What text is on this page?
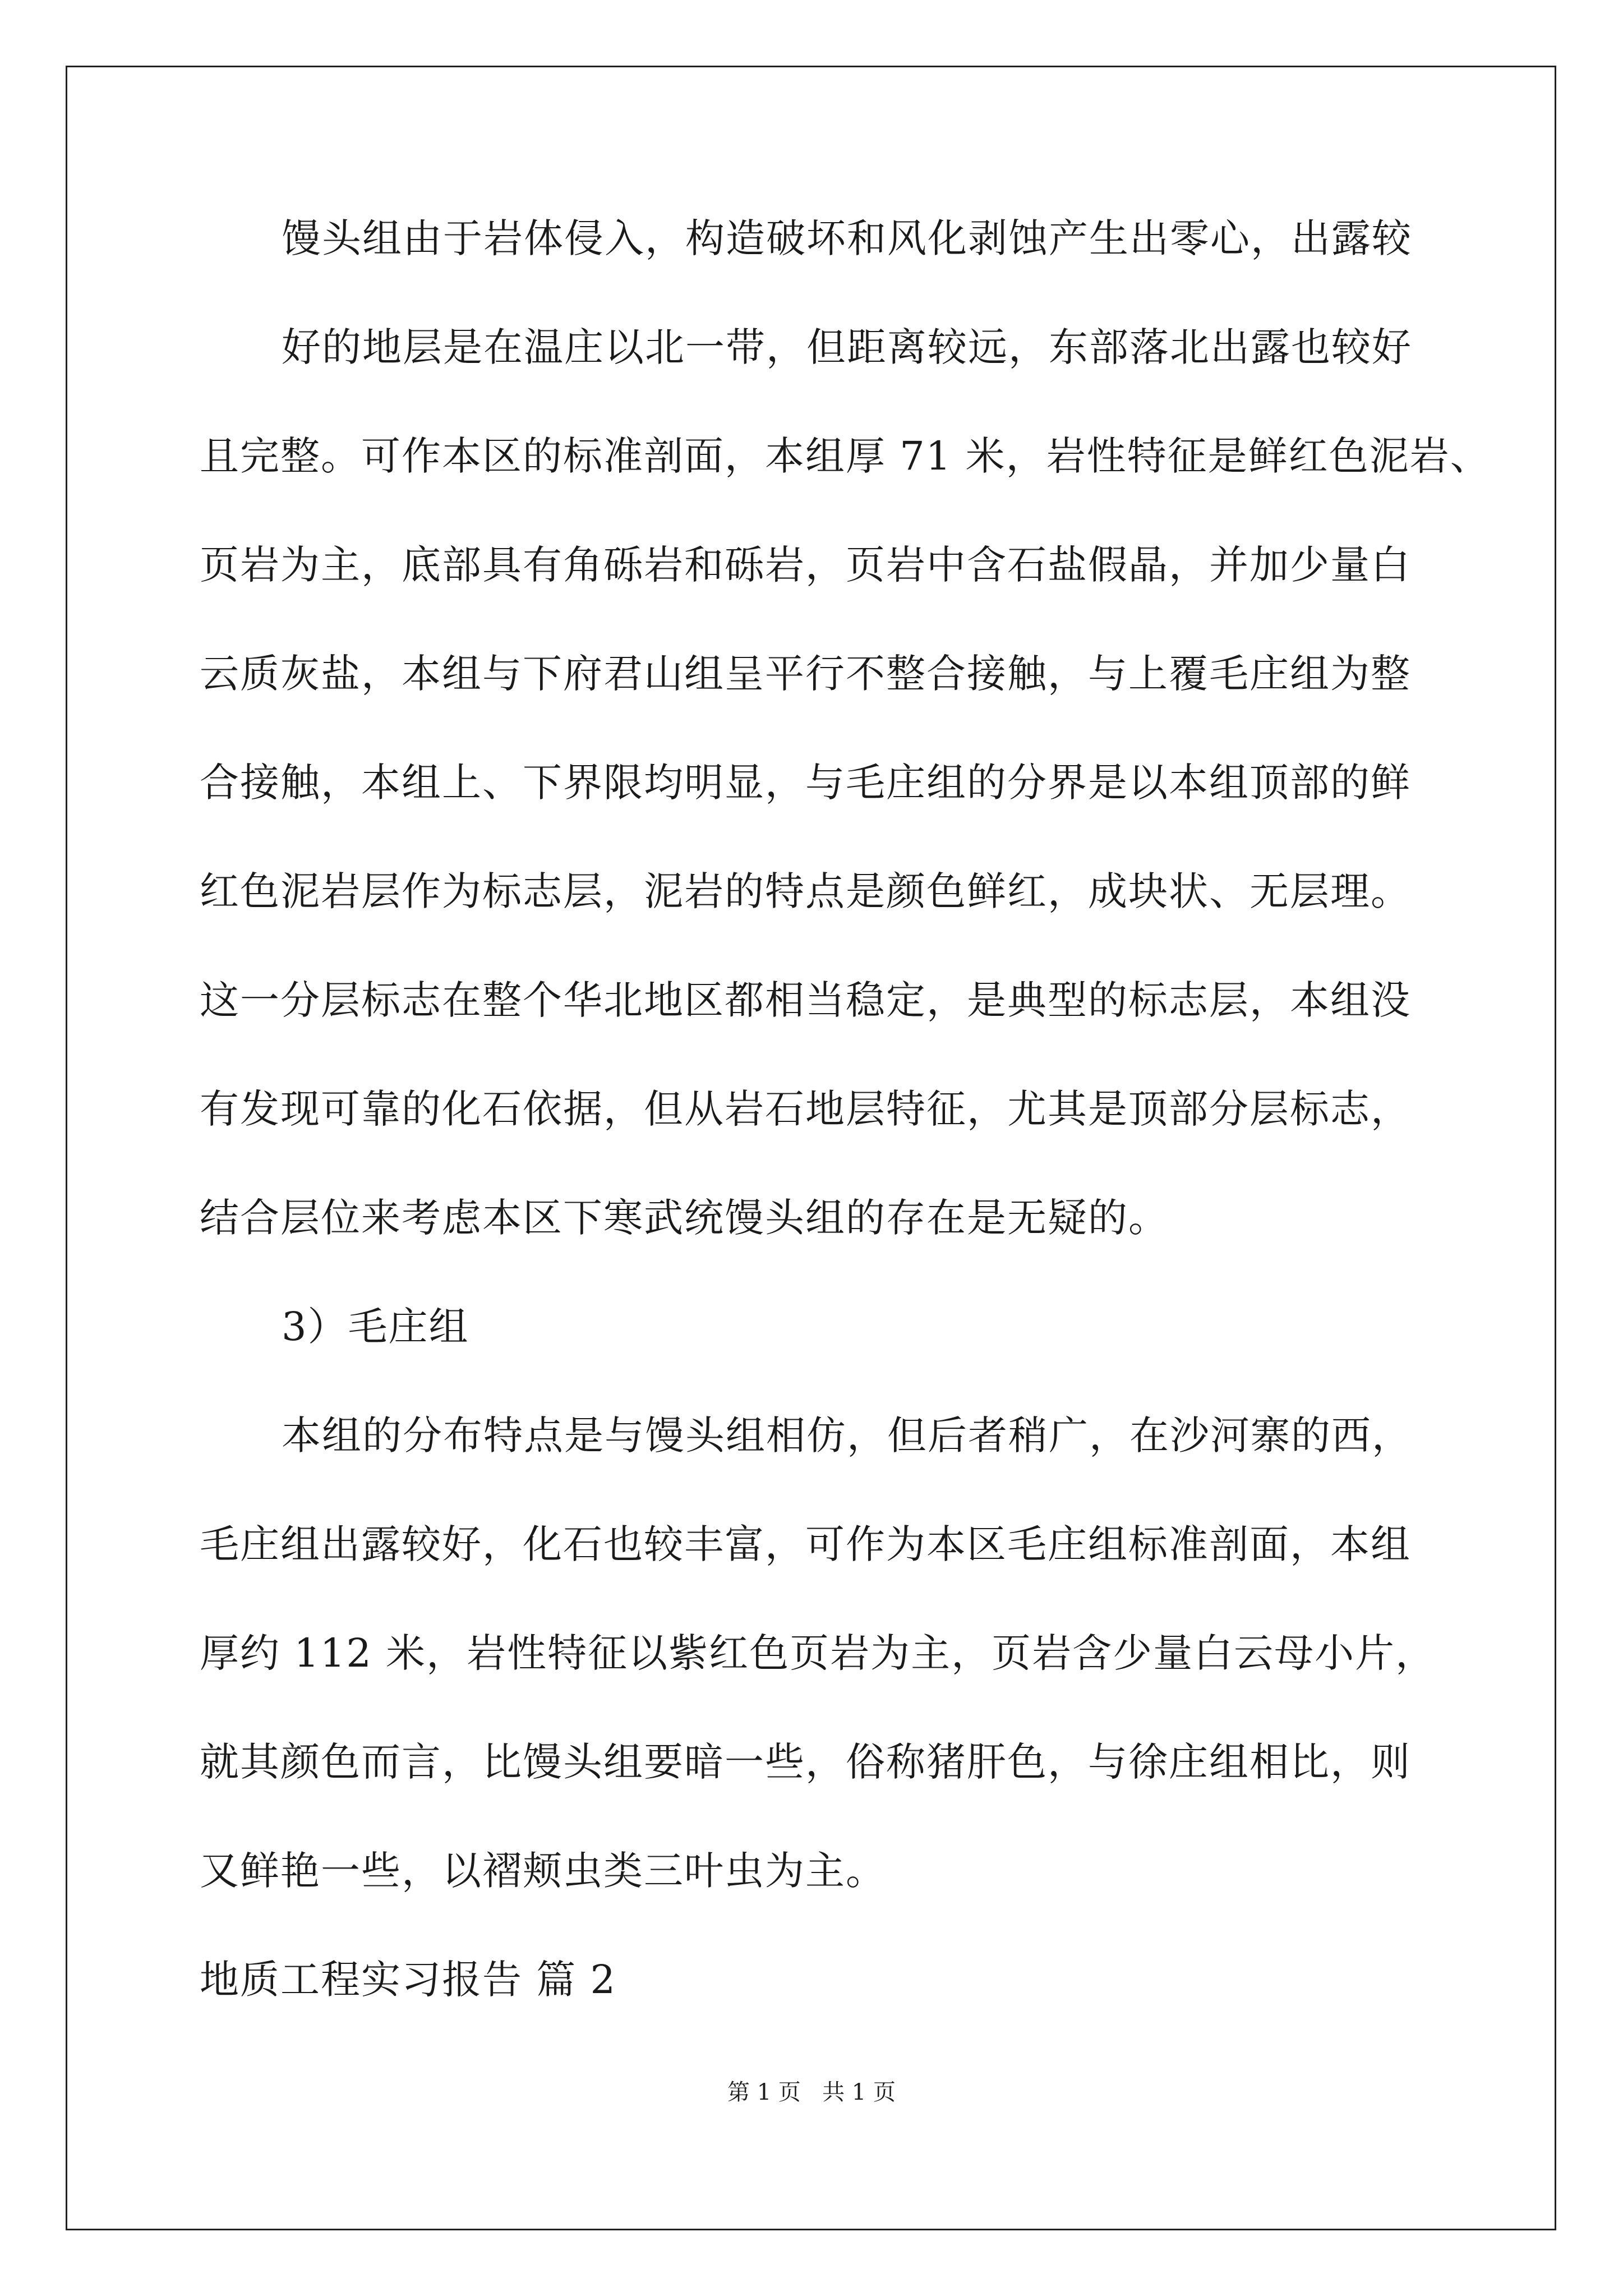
馒头组由于岩体侵入，构造破坏和风化剥蚀产生出零心，出露较
好的地层是在温庄以北一带，但距离较远，东部落北出露也较好
且完整。可作本区的标准剖面，本组厚 71 米，岩性特征是鲜红色泥岩、
页岩为主，底部具有角砾岩和砾岩，页岩中含石盐假晶，并加少量白
云质灰盐，本组与下府君山组呈平行不整合接触，与上覆毛庄组为整
合接触，本组上、下界限均明显，与毛庄组的分界是以本组顶部的鲜
红色泥岩层作为标志层，泥岩的特点是颜色鲜红，成块状、无层理。
这一分层标志在整个华北地区都相当稳定，是典型的标志层，本组没
有发现可靠的化石依据，但从岩石地层特征，尤其是顶部分层标志，
结合层位来考虑本区下寒武统馒头组的存在是无疑的。
3）毛庄组
本组的分布特点是与馒头组相仿，但后者稍广，在沙河寨的西，
毛庄组出露较好，化石也较丰富，可作为本区毛庄组标准剖面，本组
厚约 112 米，岩性特征以紫红色页岩为主，页岩含少量白云母小片，
就其颜色而言，比馒头组要暗一些，俗称猪肝色，与徐庄组相比，则
又鲜艳一些，以褶颊虫类三叶虫为主。
地质工程实习报告 篇 2
第 1 页   共 1 页
